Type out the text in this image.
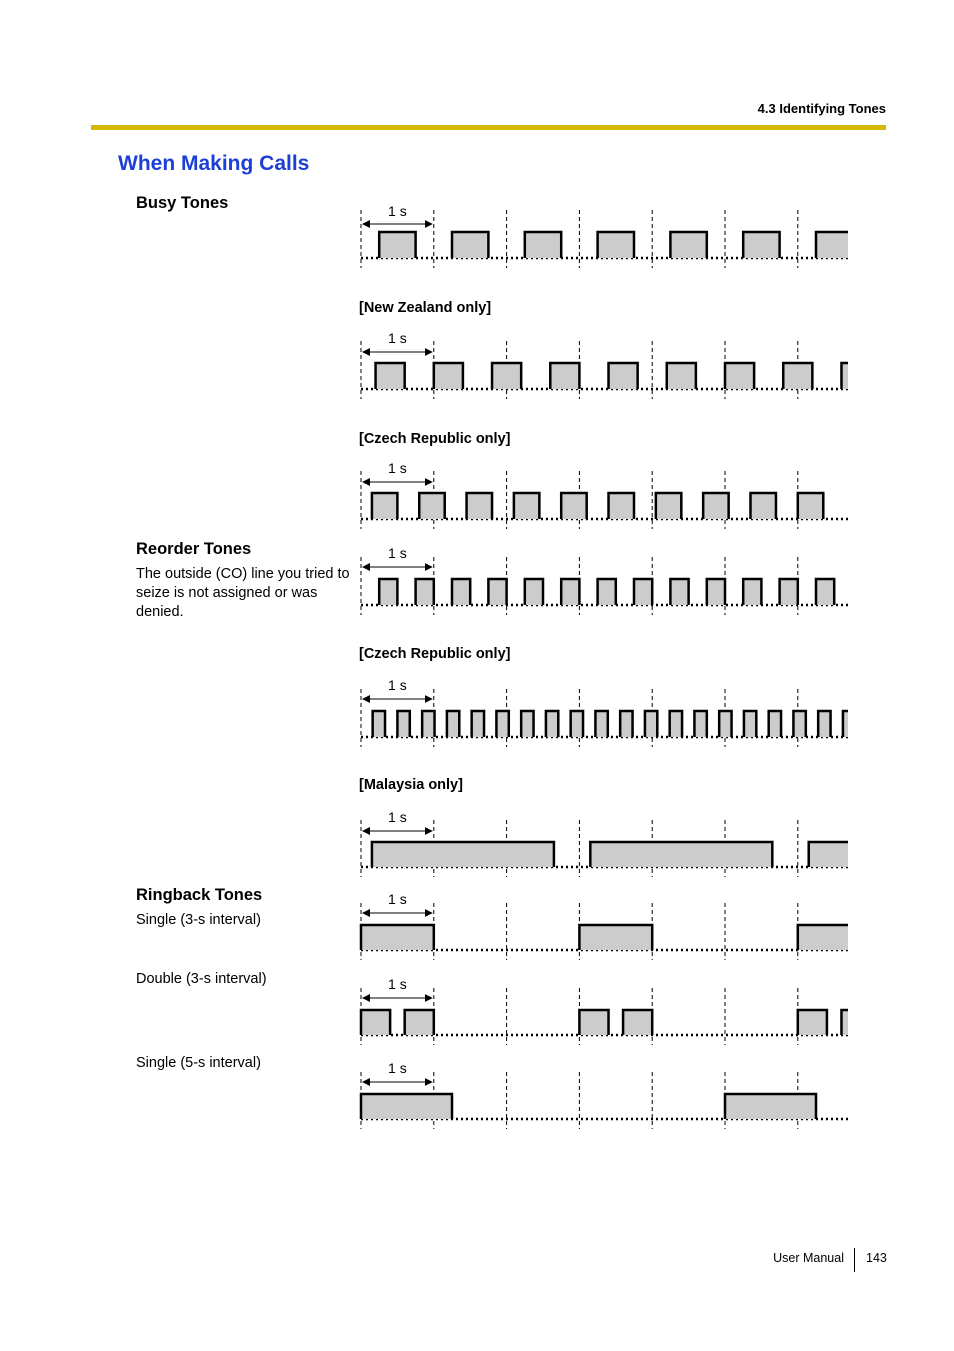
4.3 Identifying Tones
When Making Calls
Busy Tones
Reorder Tones
The outside (CO) line you tried to seize is not assigned or was denied.
Ringback Tones
Single (3-s interval)
Double (3-s interval)
Single (5-s interval)
[New Zealand only]
[Czech Republic only]
[Czech Republic only]
[Malaysia only]
1 s
1 s
1 s
1 s
1 s
1 s
1 s
1 s
1 s
User Manual 143
